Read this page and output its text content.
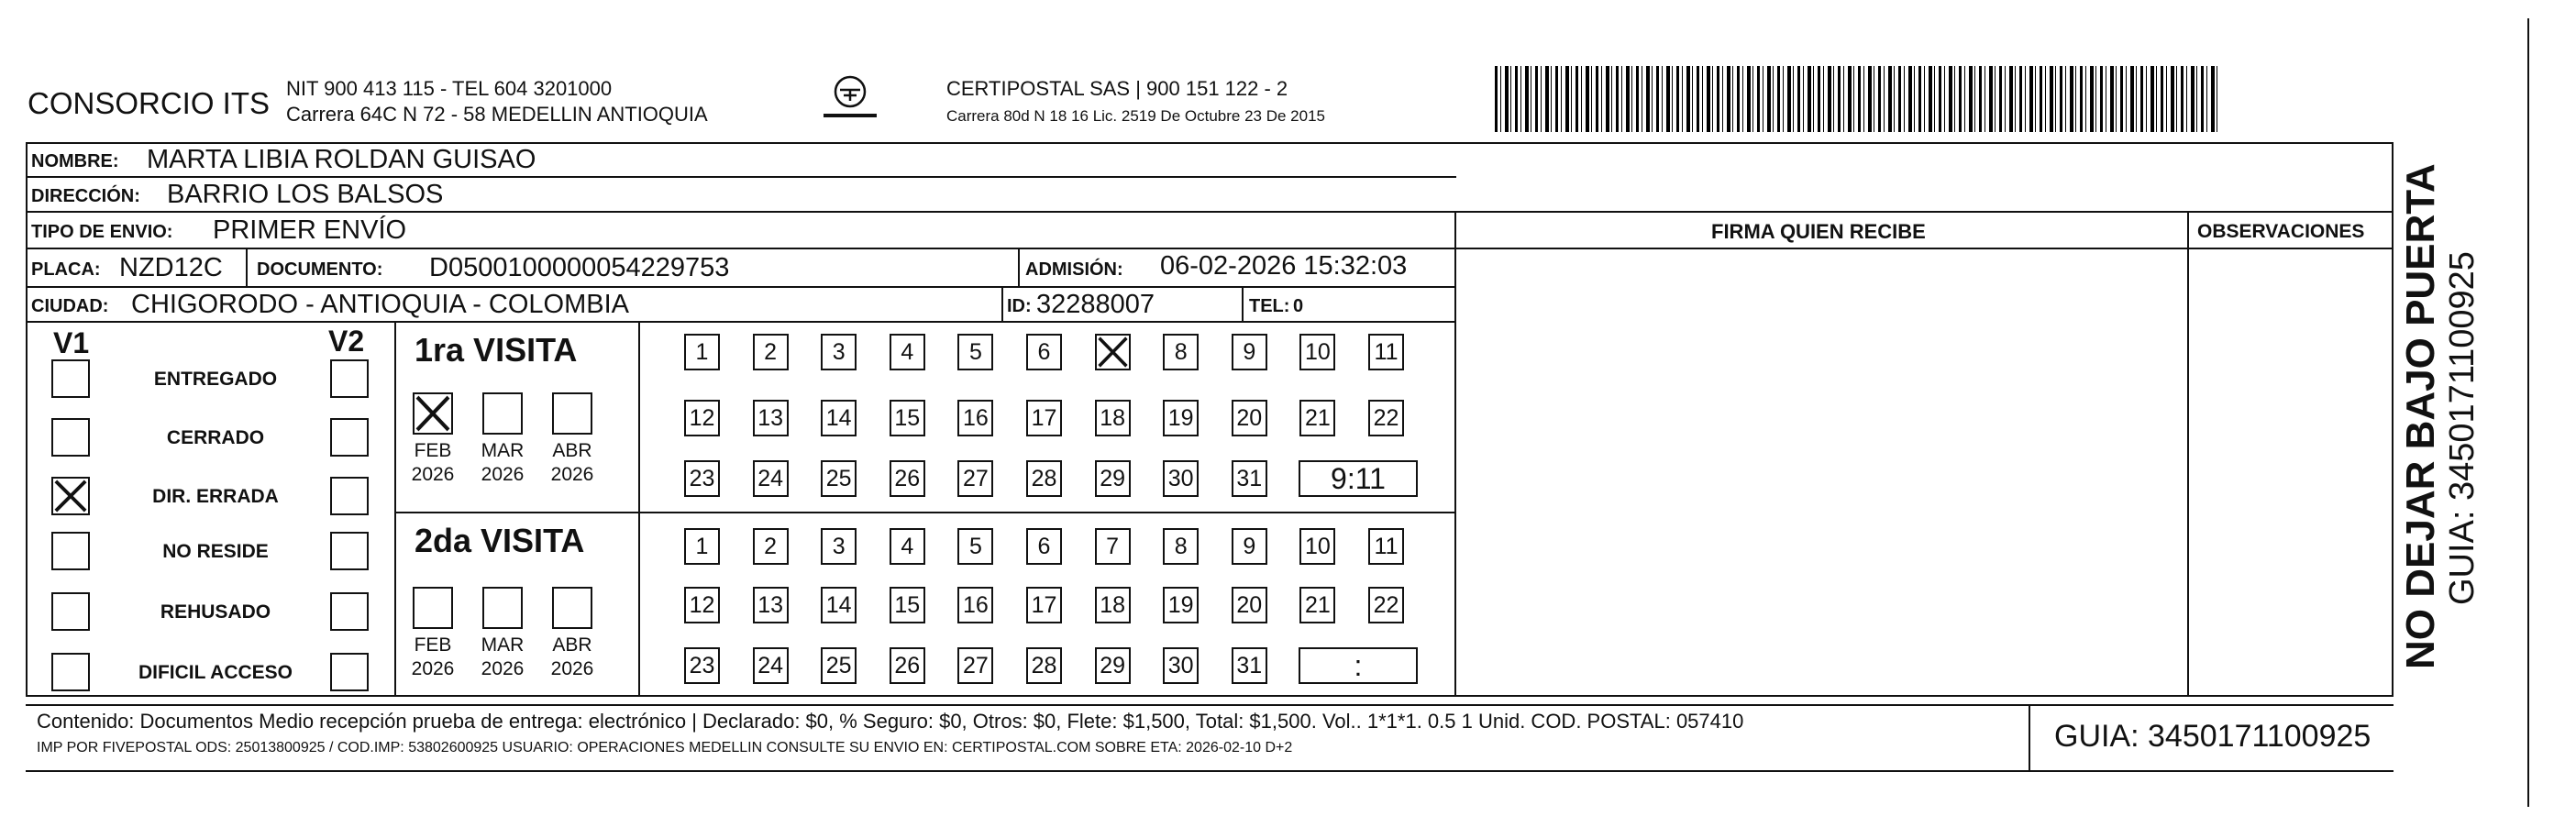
CONSORCIO ITS NIT 900 413 115 - TEL 604 3201000
Carrera 64C N 72 - 58 MEDELLIN ANTIOQUIA
CERTIPOSTAL SAS | 900 151 122 - 2
Carrera 80d N 18 16 Lic. 2519 De Octubre 23 De 2015
NOMBRE: MARTA LIBIA ROLDAN GUISAO
DIRECCIÓN: BARRIO LOS BALSOS
TIPO DE ENVIO: PRIMER ENVÍO
PLACA: NZD12C DOCUMENTO: D0500100000054229753	ADMISIÓN: 06-02-2026 15:32:03
CIUDAD: CHIGORODO - ANTIOQUIA - COLOMBIA	ID: 32288007	TEL: 0
FIRMA QUIEN RECIBE	OBSERVACIONES
V1	V2
ENTREGADO
CERRADO
DIR. ERRADA
NO RESIDE
REHUSADO
DIFICIL ACCESO
1ra VISITA
2da VISITA
FEB
2026
MAR
2026
ABR
2026
FEB
2026
MAR
2026
ABR
2026
1	2	3	4	5	6	8	9	10 11
12 13 14 15 16 17 18 19 20 21 22
23 24 25 26 27 28 29 30 31	9:11
1	2	3	4	5	6	7	8	9	10 11
12 13 14 15 16 17 18 19 20 21 22
23 24 25 26 27 28 29 30 31	:
Contenido: Documentos Medio recepción prueba de entrega: electrónico | Declarado: $0, % Seguro: $0, Otros: $0, Flete: $1,500, Total: $1,500. Vol.. 1*1*1. 0.5 1 Unid. COD. POSTAL: 057410
IMP POR FIVEPOSTAL ODS: 25013800925 / COD.IMP: 53802600925 USUARIO: OPERACIONES MEDELLIN CONSULTE SU ENVIO EN: CERTIPOSTAL.COM SOBRE ETA: 2026-02-10 D+2	GUIA: 3450171100925
NO DEJAR BAJO PUERTA GUIA: 3450171100925
